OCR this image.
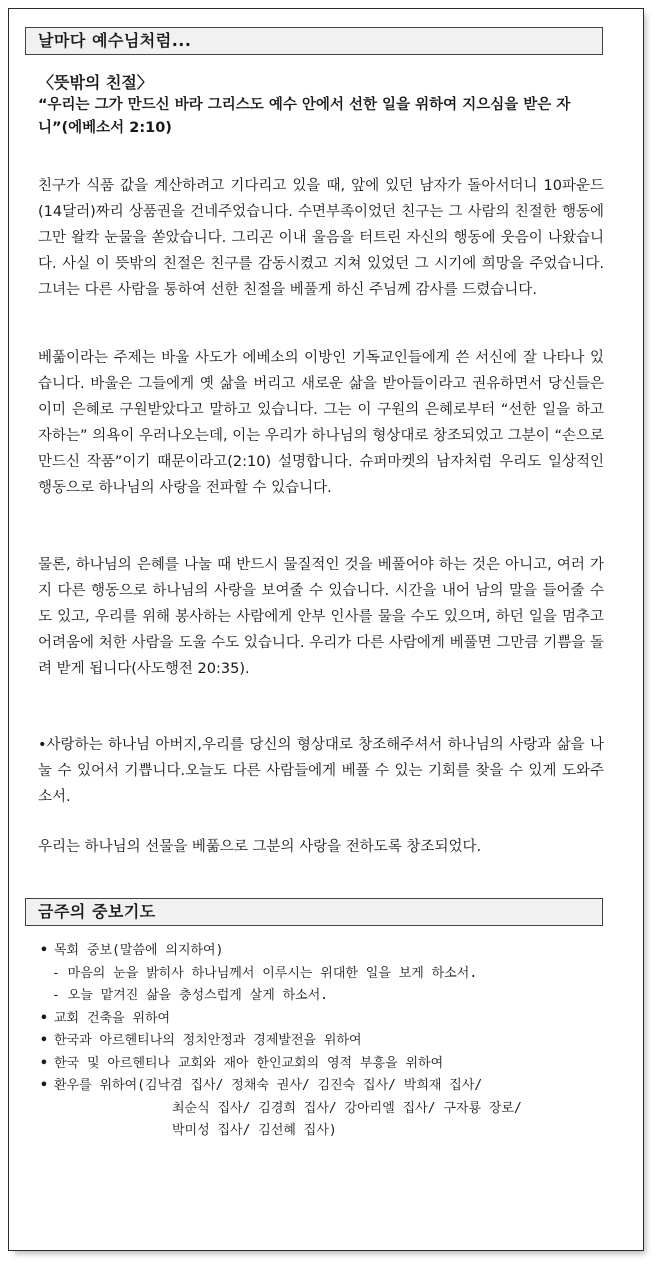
날마다 예수님처럼...
〈뜻밖의 친절〉
“우리는 그가 만드신 바라 그리스도 예수 안에서 선한 일을 위하여 지으심을 받은 자니”(에베소서 2:10)
친구가 식품 값을 계산하려고 기다리고 있을 때, 앞에 있던 남자가 돌아서더니 10파운드(14달러)짜리 상품권을 건네주었습니다. 수면부족이었던 친구는 그 사람의 친절한 행동에 그만 왈칵 눈물을 쏟았습니다. 그리곤 이내 울음을 터트린 자신의 행동에 웃음이 나왔습니다. 사실 이 뜻밖의 친절은 친구를 감동시켰고 지쳐 있었던 그 시기에 희망을 주었습니다. 그녀는 다른 사람을 통하여 선한 친절을 베풀게 하신 주님께 감사를 드렸습니다.
베풂이라는 주제는 바울 사도가 에베소의 이방인 기독교인들에게 쓴 서신에 잘 나타나 있습니다. 바울은 그들에게 옛 삶을 버리고 새로운 삶을 받아들이라고 권유하면서 당신들은 이미 은혜로 구원받았다고 말하고 있습니다. 그는 이 구원의 은혜로부터 “선한 일을 하고자하는” 의욕이 우러나오는데, 이는 우리가 하나님의 형상대로 창조되었고 그분이 “손으로 만드신 작품”이기 때문이라고(2:10) 설명합니다. 슈퍼마켓의 남자처럼 우리도 일상적인 행동으로 하나님의 사랑을 전파할 수 있습니다.
물론, 하나님의 은혜를 나눌 때 반드시 물질적인 것을 베풀어야 하는 것은 아니고, 여러 가지 다른 행동으로 하나님의 사랑을 보여줄 수 있습니다. 시간을 내어 남의 말을 들어줄 수도 있고, 우리를 위해 봉사하는 사람에게 안부 인사를 물을 수도 있으며, 하던 일을 멈추고 어려움에 처한 사람을 도울 수도 있습니다. 우리가 다른 사람에게 베풀면 그만큼 기쁨을 돌려 받게 됩니다(사도행전 20:35).
•사랑하는 하나님 아버지,우리를 당신의 형상대로 창조해주셔서 하나님의 사랑과 삶을 나눌 수 있어서 기쁩니다.오늘도 다른 사람들에게 베풀 수 있는 기회를 찾을 수 있게 도와주소서.
우리는 하나님의 선물을 베풂으로 그분의 사랑을 전하도록 창조되었다.
금주의 중보기도
• 목회 중보(말씀에 의지하여)
- 마음의 눈을 밝히사 하나님께서 이루시는 위대한 일을 보게 하소서.
- 오늘 맡겨진 삶을 충성스럽게 살게 하소서.
• 교회 건축을 위하여
• 한국과 아르헨티나의 정치안정과 경제발전을 위하여
• 한국 및 아르헨티나 교회와 재아 한인교회의 영적 부흥을 위하여
• 환우를 위하여(김낙겸 집사/ 정채숙 권사/ 김진숙 집사/ 박희재 집사/
최순식 집사/ 김경희 집사/ 강아리엘 집사/ 구자룡 장로/
박미성 집사/ 김선혜 집사)
